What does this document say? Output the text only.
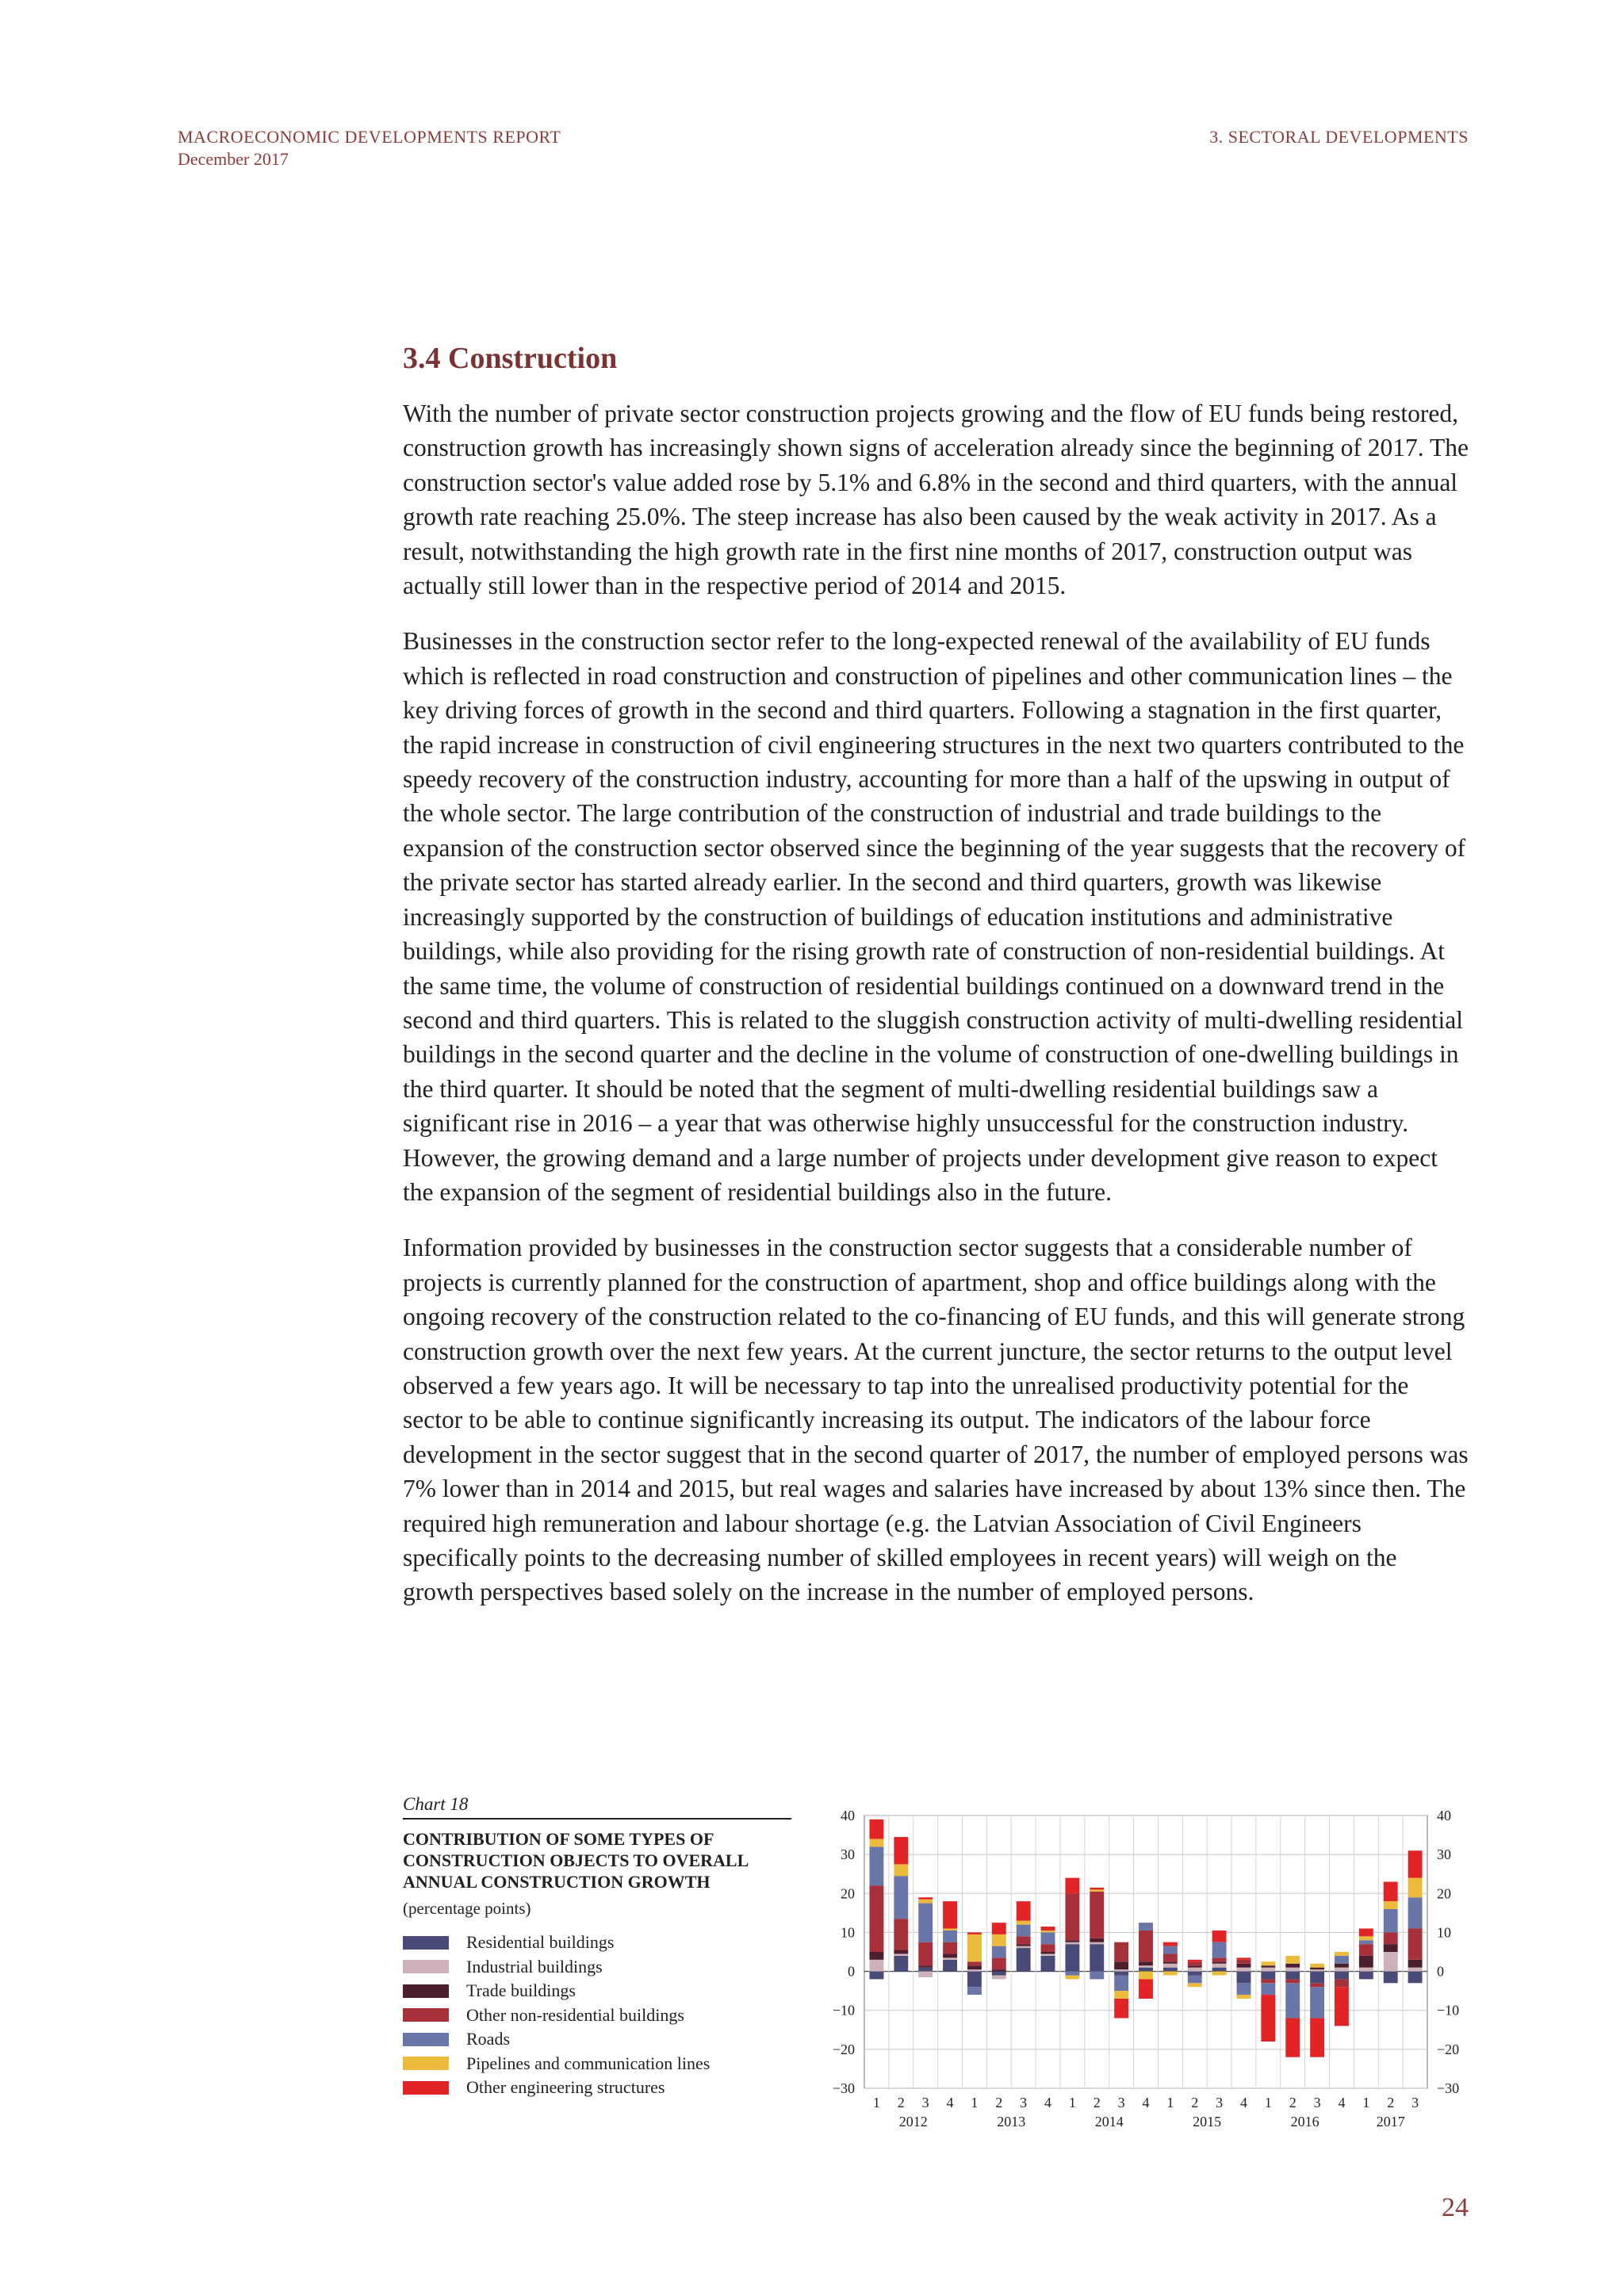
MACROECONOMIC DEVELOPMENTS REPORT
December 2017
3. SECTORAL DEVELOPMENTS
3.4 Construction

With the number of private sector construction projects growing and the flow of EU funds being restored, construction growth has increasingly shown signs of acceleration already since the beginning of 2017. The construction sector's value added rose by 5.1% and 6.8% in the second and third quarters, with the annual growth rate reaching 25.0%. The steep increase has also been caused by the weak activity in 2017. As a result, notwithstanding the high growth rate in the first nine months of 2017, construction output was actually still lower than in the respective period of 2014 and 2015.

Businesses in the construction sector refer to the long-expected renewal of the availability of EU funds which is reflected in road construction and construction of pipelines and other communication lines – the key driving forces of growth in the second and third quarters. Following a stagnation in the first quarter, the rapid increase in construction of civil engineering structures in the next two quarters contributed to the speedy recovery of the construction industry, accounting for more than a half of the upswing in output of the whole sector. The large contribution of the construction of industrial and trade buildings to the expansion of the construction sector observed since the beginning of the year suggests that the recovery of the private sector has started already earlier. In the second and third quarters, growth was likewise increasingly supported by the construction of buildings of education institutions and administrative buildings, while also providing for the rising growth rate of construction of non-residential buildings. At the same time, the volume of construction of residential buildings continued on a downward trend in the second and third quarters. This is related to the sluggish construction activity of multi-dwelling residential buildings in the second quarter and the decline in the volume of construction of one-dwelling buildings in the third quarter. It should be noted that the segment of multi-dwelling residential buildings saw a significant rise in 2016 – a year that was otherwise highly unsuccessful for the construction industry. However, the growing demand and a large number of projects under development give reason to expect the expansion of the segment of residential buildings also in the future.

Information provided by businesses in the construction sector suggests that a considerable number of projects is currently planned for the construction of apartment, shop and office buildings along with the ongoing recovery of the construction related to the co-financing of EU funds, and this will generate strong construction growth over the next few years. At the current juncture, the sector returns to the output level observed a few years ago. It will be necessary to tap into the unrealised productivity potential for the sector to be able to continue significantly increasing its output. The indicators of the labour force development in the sector suggest that in the second quarter of 2017, the number of employed persons was 7% lower than in 2014 and 2015, but real wages and salaries have increased by about 13% since then. The required high remuneration and labour shortage (e.g. the Latvian Association of Civil Engineers specifically points to the decreasing number of skilled employees in recent years) will weigh on the growth perspectives based solely on the increase in the number of employed persons.

Chart 18
CONTRIBUTION OF SOME TYPES OF CONSTRUCTION OBJECTS TO OVERALL ANNUAL CONSTRUCTION GROWTH
(percentage points)
Residential buildings
Industrial buildings
Trade buildings
Other non-residential buildings
Roads
Pipelines and communication lines
Other engineering structures	−30	−30
−20	−20
−10	−10
0	0
10	10
20	20
30	30
40	40
1 2 3 4 1 2 3 4 1 2 3 4 1 2 3 4 1 2 3 4 1 2 3
2012	2013	2014	2015	2016	2017
24
